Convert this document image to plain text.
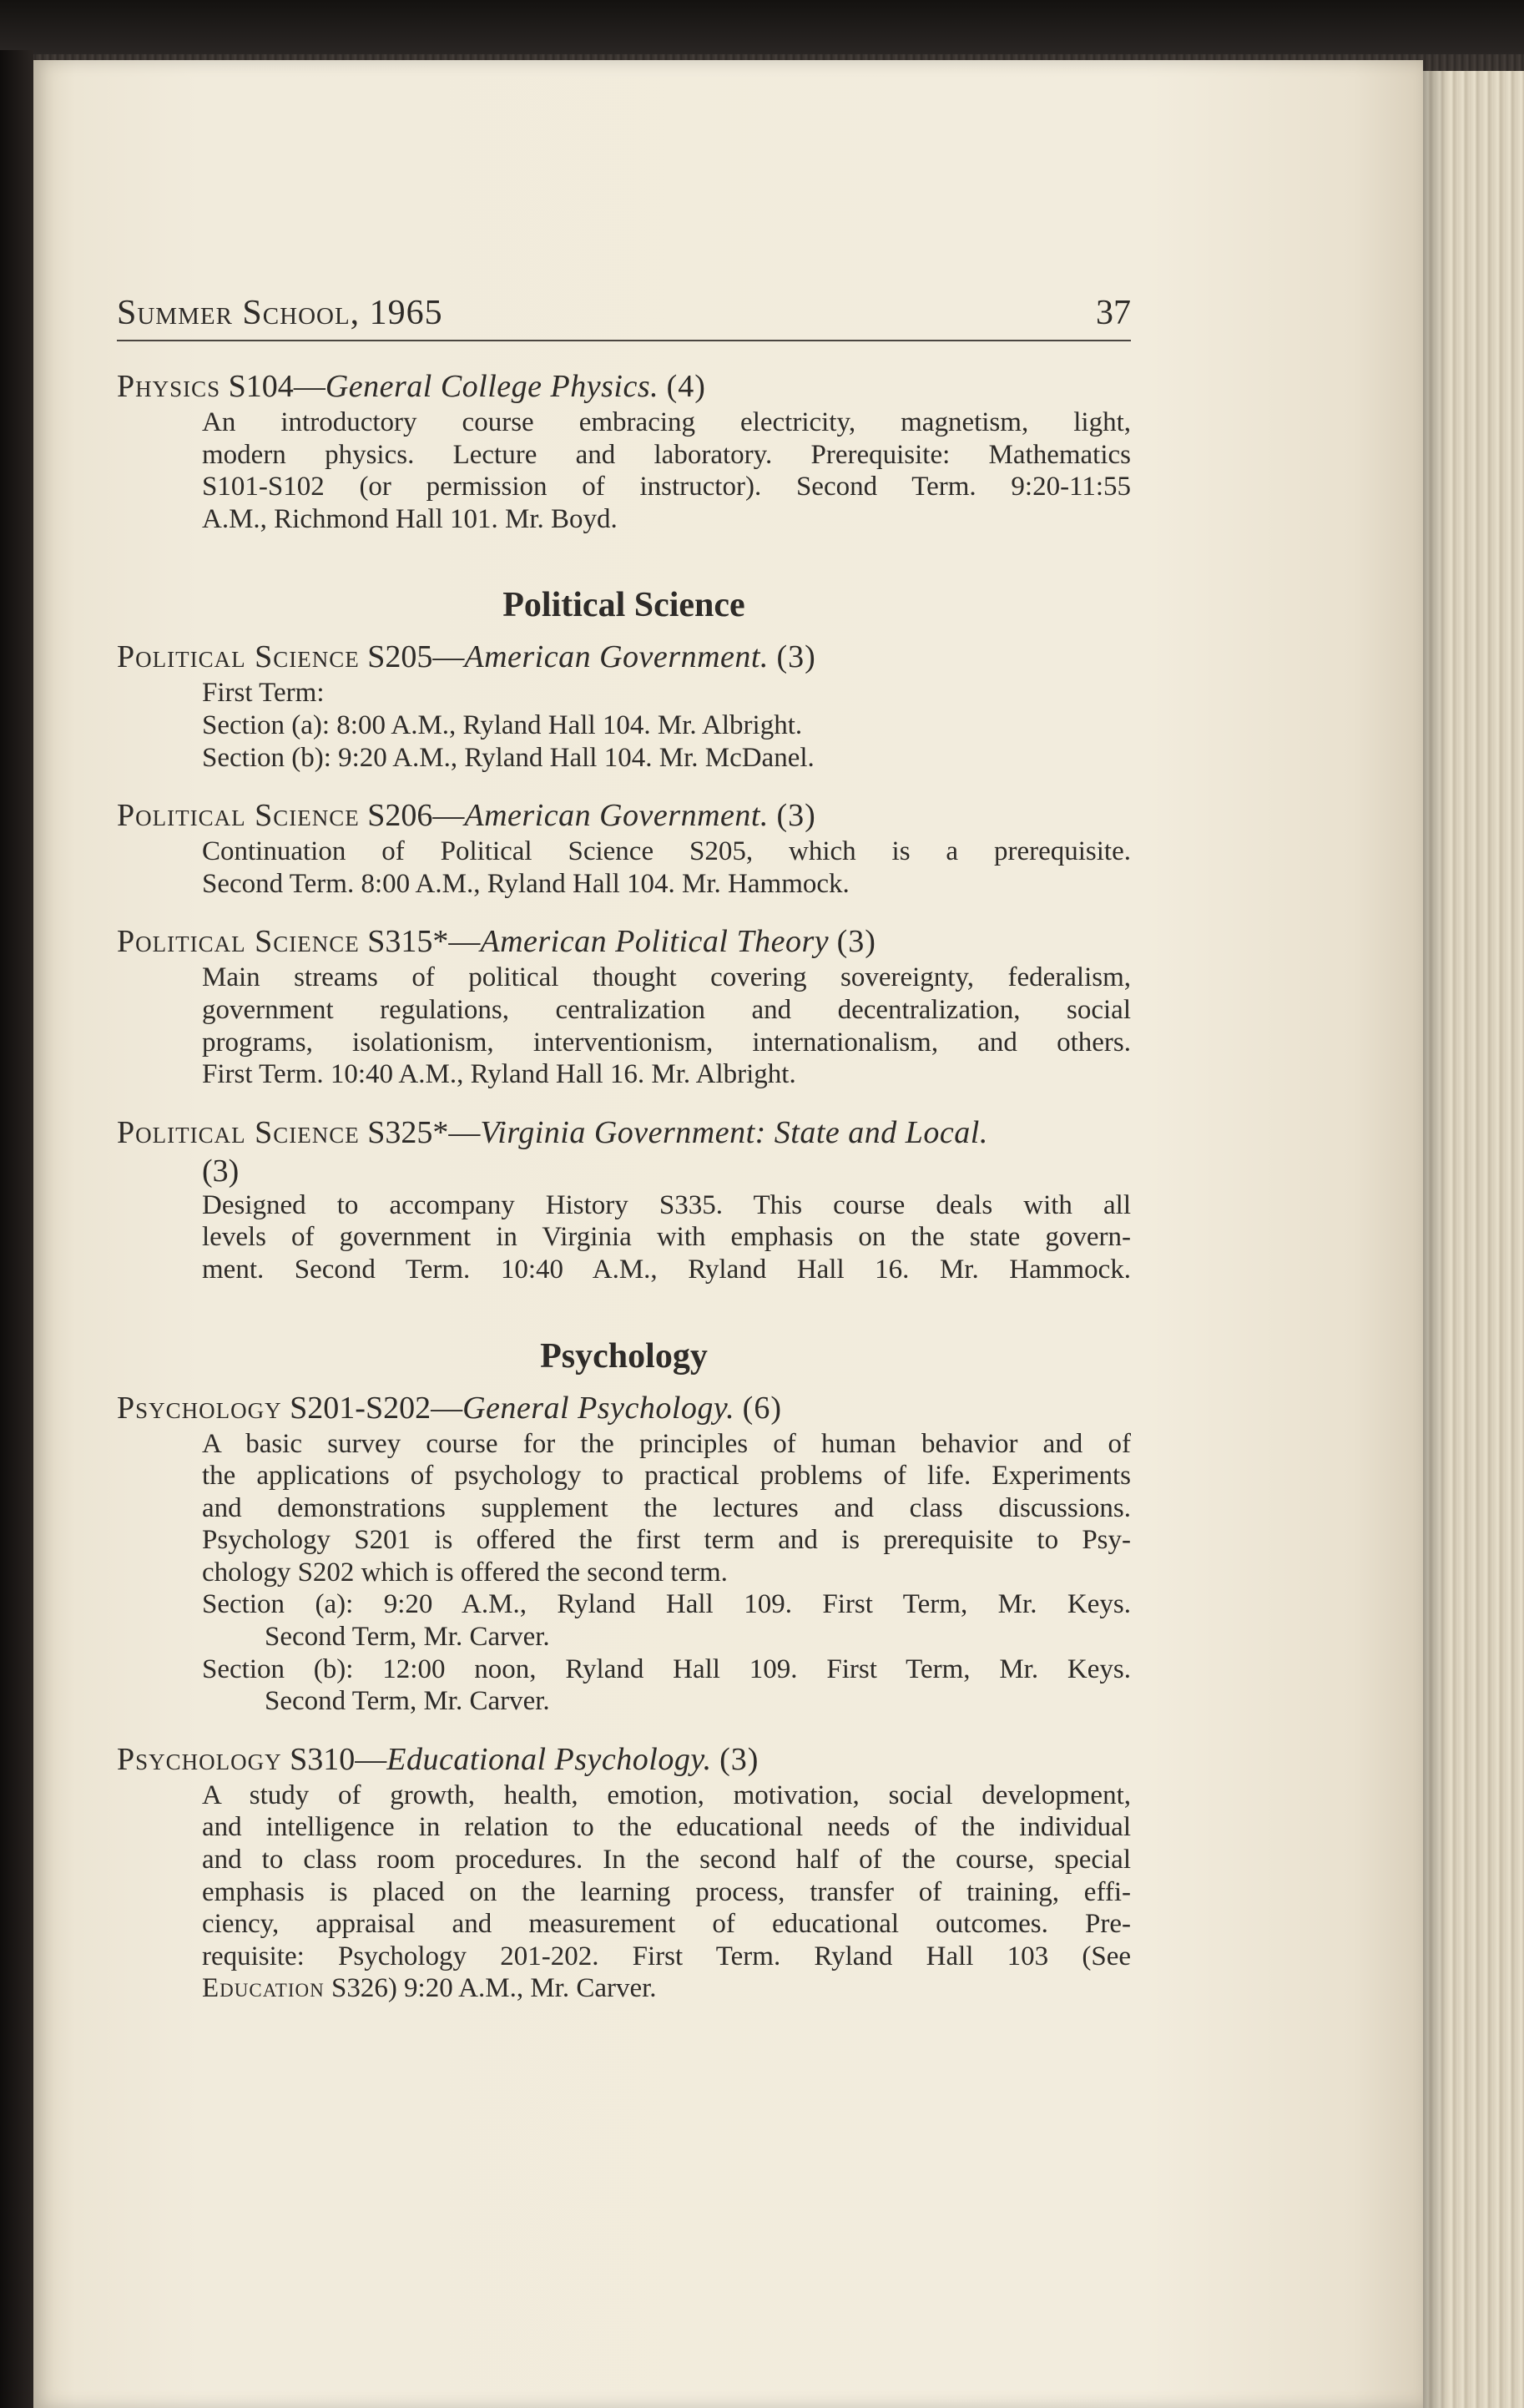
Summer School, 1965	37
Physics S104—General College Physics. (4)
An introductory course embracing electricity, magnetism, light,
modern physics. Lecture and laboratory. Prerequisite: Mathematics
S101-S102 (or permission of instructor). Second Term. 9:20-11:55
A.M., Richmond Hall 101. Mr. Boyd.
Political Science
Political Science S205—American Government. (3)
First Term:
Section (a): 8:00 A.M., Ryland Hall 104. Mr. Albright.
Section (b): 9:20 A.M., Ryland Hall 104. Mr. McDanel.
Political Science S206—American Government. (3)
Continuation of Political Science S205, which is a prerequisite.
Second Term. 8:00 A.M., Ryland Hall 104. Mr. Hammock.
Political Science S315*—American Political Theory (3)
Main streams of political thought covering sovereignty, federalism,
government regulations, centralization and decentralization, social
programs, isolationism, interventionism, internationalism, and others.
First Term. 10:40 A.M., Ryland Hall 16. Mr. Albright.
Political Science S325*—Virginia Government: State and Local.
(3)
Designed to accompany History S335. This course deals with all
levels of government in Virginia with emphasis on the state govern-
ment. Second Term. 10:40 A.M., Ryland Hall 16. Mr. Hammock.
Psychology
Psychology S201-S202—General Psychology. (6)
A basic survey course for the principles of human behavior and of
the applications of psychology to practical problems of life. Experiments
and demonstrations supplement the lectures and class discussions.
Psychology S201 is offered the first term and is prerequisite to Psy-
chology S202 which is offered the second term.
Section (a): 9:20 A.M., Ryland Hall 109. First Term, Mr. Keys.
Second Term, Mr. Carver.
Section (b): 12:00 noon, Ryland Hall 109. First Term, Mr. Keys.
Second Term, Mr. Carver.
Psychology S310—Educational Psychology. (3)
A study of growth, health, emotion, motivation, social development,
and intelligence in relation to the educational needs of the individual
and to class room procedures. In the second half of the course, special
emphasis is placed on the learning process, transfer of training, effi-
ciency, appraisal and measurement of educational outcomes. Pre-
requisite: Psychology 201-202. First Term. Ryland Hall 103 (See
Education S326) 9:20 A.M., Mr. Carver.
